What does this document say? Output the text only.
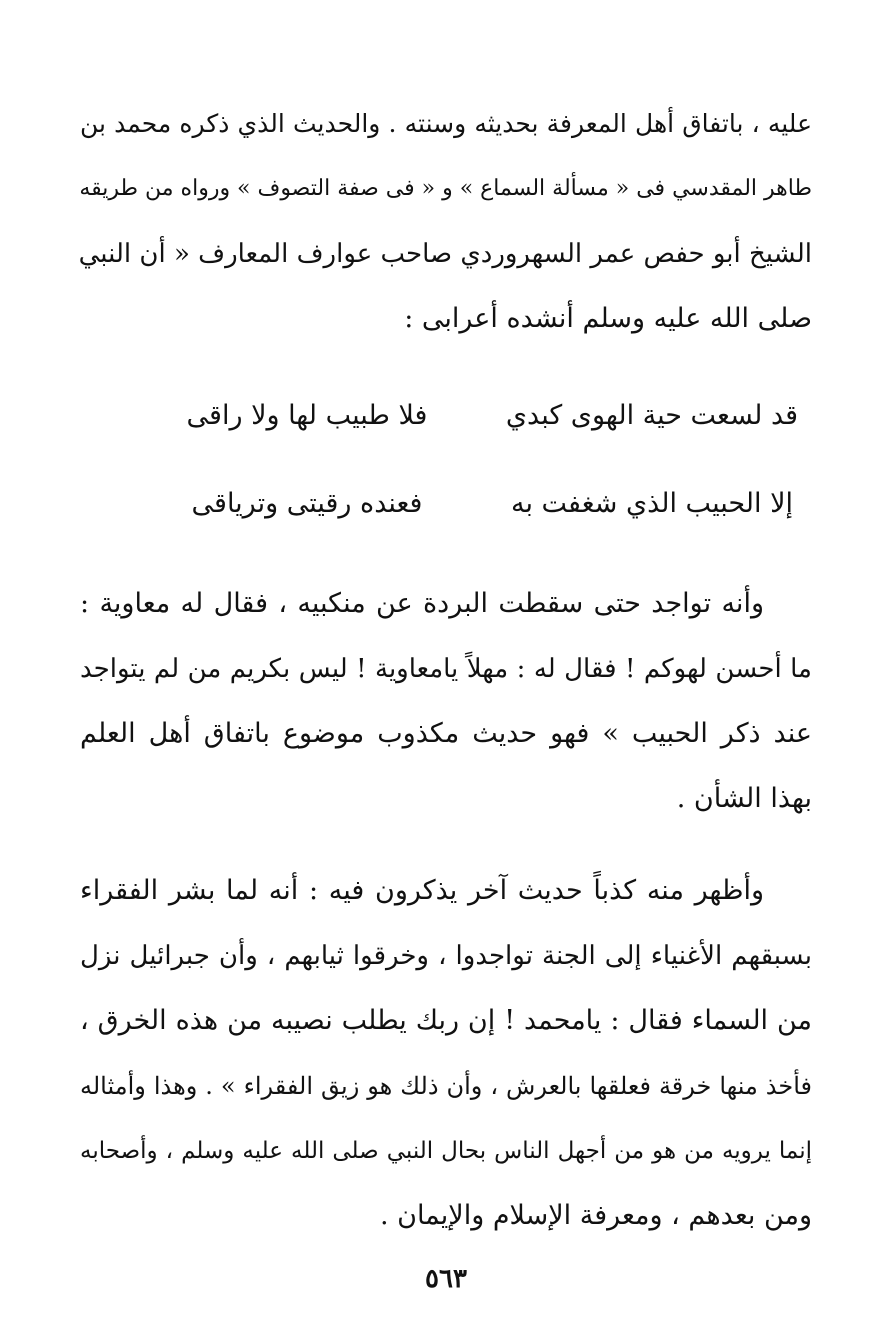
عليه ، باتفاق أهل المعرفة بحديثه وسنته . والحديث الذي ذكره محمد بن
طاهر المقدسي فى « مسألة السماع » و « فى صفة التصوف » ورواه من طريقه
الشيخ أبو حفص عمر السهروردي صاحب عوارف المعارف « أن النبي
صلى الله عليه وسلم أنشده أعرابى :
قد لسعت حية الهوى كبدي
فلا طبيب لها ولا راقى
إلا الحبيب الذي شغفت به
فعنده رقيتى وترياقى
وأنه تواجد حتى سقطت البردة عن منكبيه ، فقال له معاوية :
ما أحسن لهوكم ! فقال له : مهلاً يامعاوية ! ليس بكريم من لم يتواجد
عند ذكر الحبيب » فهو حديث مكذوب موضوع باتفاق أهل العلم
بهذا الشأن .
وأظهر منه كذباً حديث آخر يذكرون فيه : أنه لما بشر الفقراء
بسبقهم الأغنياء إلى الجنة تواجدوا ، وخرقوا ثيابهم ، وأن جبرائيل نزل
من السماء فقال : يامحمد ! إن ربك يطلب نصيبه من هذه الخرق ،
فأخذ منها خرقة فعلقها بالعرش ، وأن ذلك هو زيق الفقراء » . وهذا وأمثاله
إنما يرويه من هو من أجهل الناس بحال النبي صلى الله عليه وسلم ، وأصحابه
ومن بعدهم ، ومعرفة الإسلام والإيمان .
٥٦٣
